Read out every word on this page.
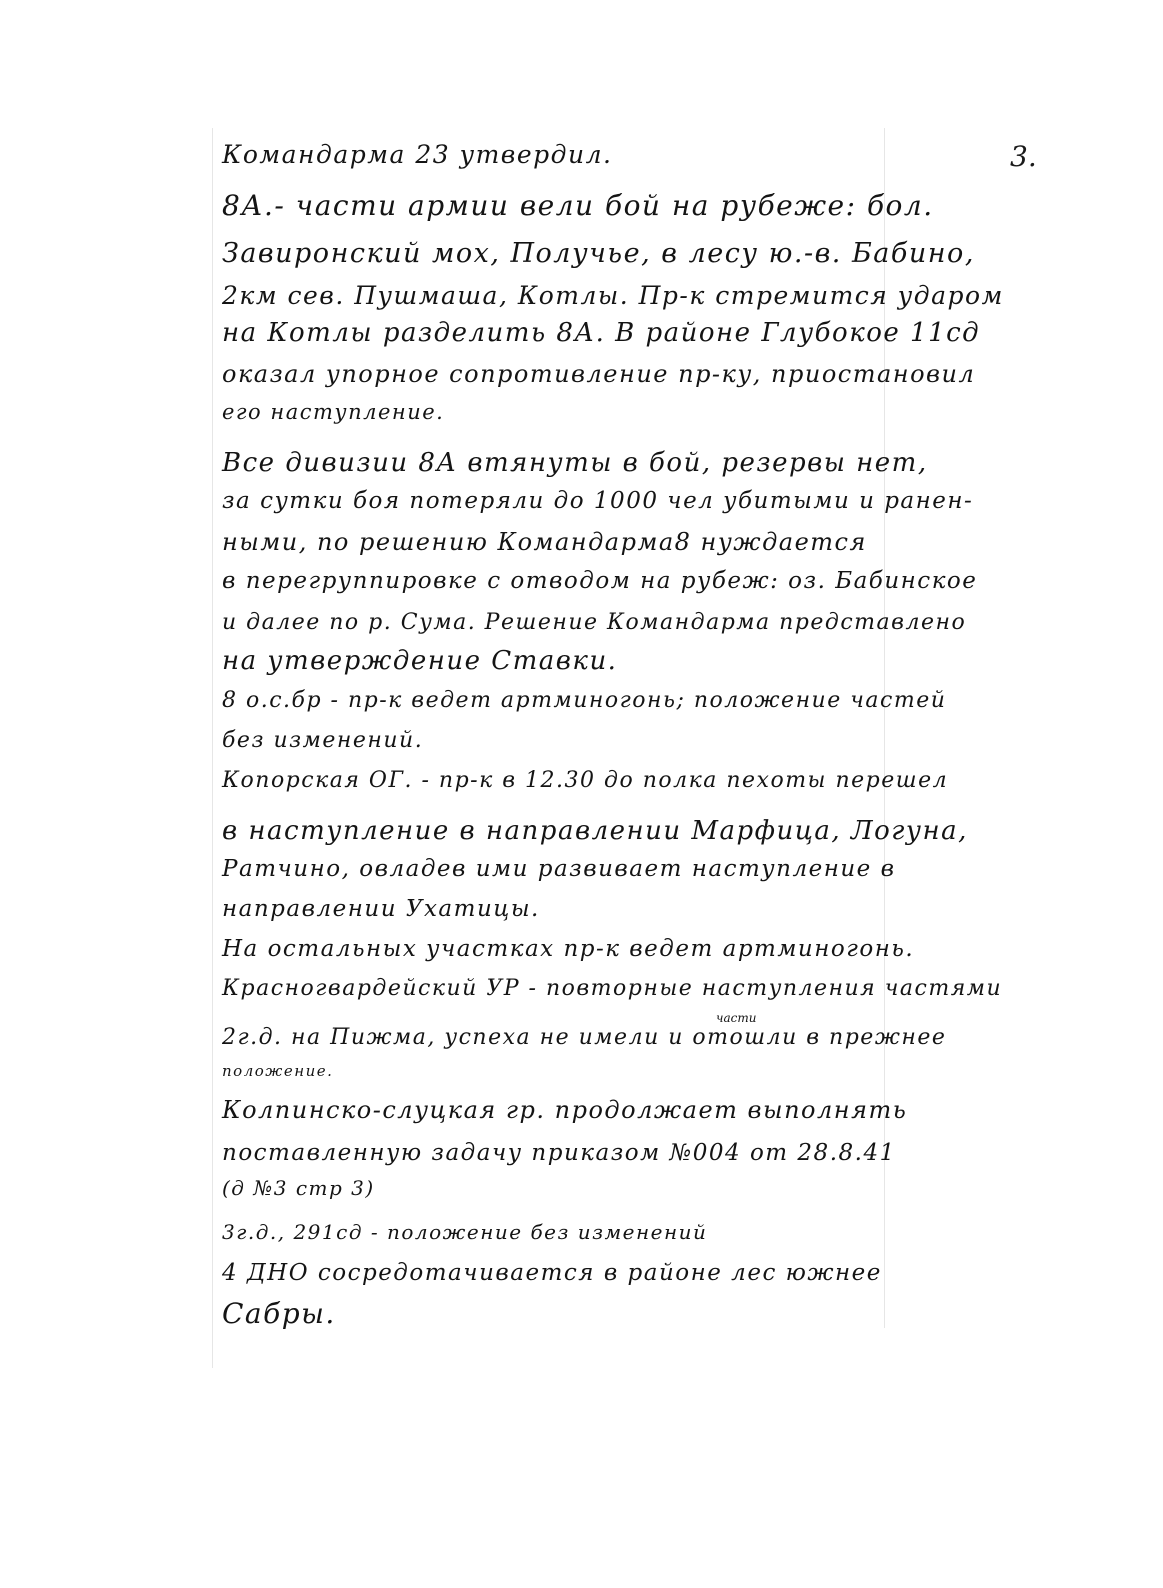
3.
Командарма 23 утвердил.
8А.- части армии вели бой на рубеже: бол.
Завиронский мох, Получье, в лесу ю.-в. Бабино,
2км сев. Пушмаша, Котлы. Пр-к стремится ударом
на Котлы разделить 8А. В районе Глубокое 11сд
оказал упорное сопротивление пр-ку, приостановил
его наступление.
Все дивизии 8А втянуты в бой, резервы нет,
за сутки боя потеряли до 1000 чел убитыми и ранен-
ными, по решению Командарма8 нуждается
в перегруппировке с отводом на рубеж: оз. Бабинское
и далее по р. Сума. Решение Командарма представлено
на утверждение Ставки.
8 о.с.бр - пр-к ведет артминогонь; положение частей
без изменений.
Копорская ОГ. - пр-к в 12.30 до полка пехоты перешел
в наступление в направлении Марфица, Логуна,
Ратчино, овладев ими развивает наступление в
направлении Ухатицы.
На остальных участках пр-к ведет артминогонь.
Красногвардейский УР - повторные наступления частями
части
2г.д. на Пижма, успеха не имели и отошли в прежнее
положение.
Колпинско-слуцкая гр. продолжает выполнять
поставленную задачу приказом №004 от 28.8.41
(д №3 стр 3)
3г.д., 291сд - положение без изменений
4 ДНО сосредотачивается в районе лес южнее
Сабры.
